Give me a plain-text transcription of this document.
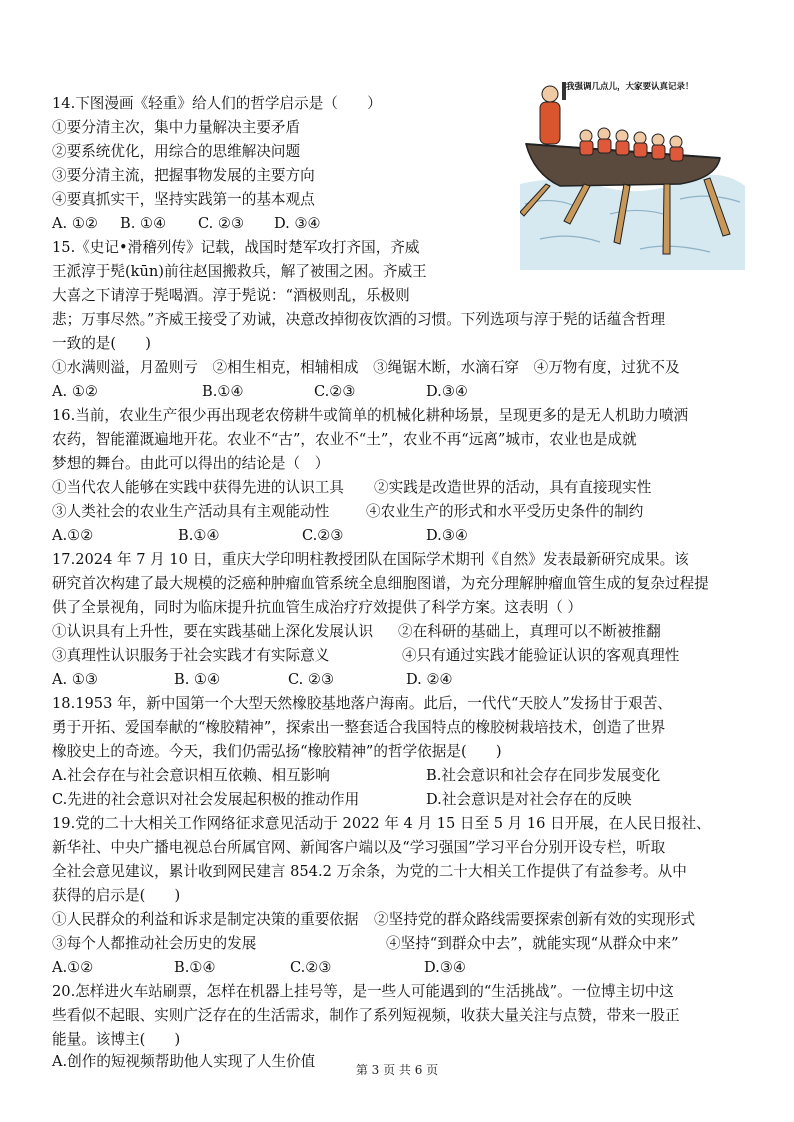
14.下图漫画《轻重》给人们的哲学启示是（　　）
①要分清主次，集中力量解决主要矛盾
②要系统优化，用综合的思维解决问题
③要分清主流，把握事物发展的主要方向
④要真抓实干，坚持实践第一的基本观点
A. ①② B. ①④ C. ②③ D. ③④
我强调几点儿，大家要认真记录！
15.《史记•滑稽列传》记载，战国时楚军攻打齐国，齐威
王派淳于髡(kūn)前往赵国搬救兵，解了被围之困。齐威王
大喜之下请淳于髡喝酒。淳于髡说：“酒极则乱，乐极则
悲；万事尽然。”齐威王接受了劝诫，决意改掉彻夜饮酒的习惯。下列选项与淳于髡的话蕴含哲理
一致的是(　　)
①水满则溢，月盈则亏　②相生相克，相辅相成　③绳锯木断，水滴石穿　④万物有度，过犹不及
A. ①②	B.①④	C.②③	D.③④
16.当前，农业生产很少再出现老农傍耕牛或简单的机械化耕种场景，呈现更多的是无人机助力喷洒
农药，智能灌溉遍地开花。农业不“古”，农业不“土”，农业不再“远离”城市，农业也是成就
梦想的舞台。由此可以得出的结论是（　）
①当代农人能够在实践中获得先进的认识工具 ②实践是改造世界的活动，具有直接现实性
③人类社会的农业生产活动具有主观能动性	④农业生产的形式和水平受历史条件的制约
A.①②	B.①④	C.②③	D.③④
17.2024 年 7 月 10 日，重庆大学印明柱教授团队在国际学术期刊《自然》发表最新研究成果。该
研究首次构建了最大规模的泛癌种肿瘤血管系统全息细胞图谱，为充分理解肿瘤血管生成的复杂过程提
供了全景视角，同时为临床提升抗血管生成治疗疗效提供了科学方案。这表明（ ）
①认识具有上升性，要在实践基础上深化发展认识 ②在科研的基础上，真理可以不断被推翻
③真理性认识服务于社会实践才有实际意义	④只有通过实践才能验证认识的客观真理性
A. ①③	B. ①④	C. ②③	D. ②④
18.1953 年，新中国第一个大型天然橡胶基地落户海南。此后，一代代“天胶人”发扬甘于艰苦、
勇于开拓、爱国奉献的“橡胶精神”，探索出一整套适合我国特点的橡胶树栽培技术，创造了世界
橡胶史上的奇迹。今天，我们仍需弘扬“橡胶精神”的哲学依据是(　　)
A.社会存在与社会意识相互依赖、相互影响	B.社会意识和社会存在同步发展变化
C.先进的社会意识对社会发展起积极的推动作用	D.社会意识是对社会存在的反映
19.党的二十大相关工作网络征求意见活动于 2022 年 4 月 15 日至 5 月 16 日开展，在人民日报社、
新华社、中央广播电视总台所属官网、新闻客户端以及“学习强国”学习平台分别开设专栏，听取
全社会意见建议，累计收到网民建言 854.2 万余条，为党的二十大相关工作提供了有益参考。从中
获得的启示是(　　)
①人民群众的利益和诉求是制定决策的重要依据 ②坚持党的群众路线需要探索创新有效的实现形式
③每个人都推动社会历史的发展	④坚持“到群众中去”，就能实现“从群众中来”
A.①②	B.①④	C.②③	D.③④
20.怎样进火车站刷票，怎样在机器上挂号等，是一些人可能遇到的“生活挑战”。一位博主切中这
些看似不起眼、实则广泛存在的生活需求，制作了系列短视频，收获大量关注与点赞，带来一股正
能量。该博主(　　)
A.创作的短视频帮助他人实现了人生价值	第 3 页 共 6 页
